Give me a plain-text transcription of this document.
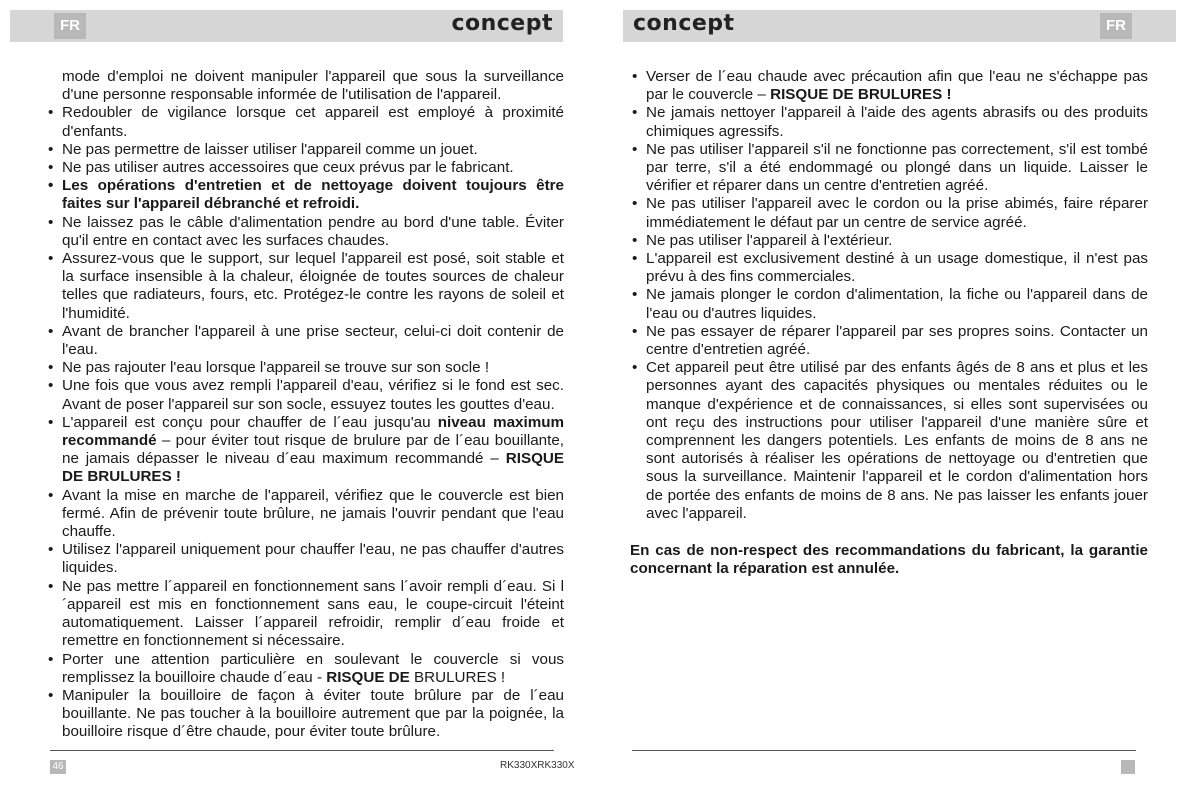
FR	concept	concept	FR
mode d'emploi ne doivent manipuler l'appareil que sous la surveillance d'une personne responsable informée de l'utilisation de l'appareil.
• Redoubler de vigilance lorsque cet appareil est employé à proximité d'enfants.
• Ne pas permettre de laisser utiliser l'appareil comme un jouet.
• Ne pas utiliser autres accessoires que ceux prévus par le fabricant.
• Les opérations d'entretien et de nettoyage doivent toujours être faites sur l'appareil débranché et refroidi.
• Ne laissez pas le câble d'alimentation pendre au bord d'une table. Éviter qu'il entre en contact avec les surfaces chaudes.
• Assurez-vous que le support, sur lequel l'appareil est posé, soit stable et la surface insensible à la chaleur, éloignée de toutes sources de chaleur telles que radiateurs, fours, etc. Protégez-le contre les rayons de soleil et l'humidité.
• Avant de brancher l'appareil à une prise secteur, celui-ci doit contenir de l'eau.
• Ne pas rajouter l'eau lorsque l'appareil se trouve sur son socle !
• Une fois que vous avez rempli l'appareil d'eau, vérifiez si le fond est sec. Avant de poser l'appareil sur son socle, essuyez toutes les gouttes d'eau.
• L'appareil est conçu pour chauffer de l´eau jusqu'au niveau maximum recommandé – pour éviter tout risque de brulure par de l´eau bouillante, ne jamais dépasser le niveau d´eau maximum recommandé – RISQUE DE BRULURES !
• Avant la mise en marche de l'appareil, vérifiez que le couvercle est bien fermé. Afin de prévenir toute brûlure, ne jamais l'ouvrir pendant que l'eau chauffe.
• Utilisez l'appareil uniquement pour chauffer l'eau, ne pas chauffer d'autres liquides.
• Ne pas mettre l´appareil en fonctionnement sans l´avoir rempli d´eau. Si l´appareil est mis en fonctionnement sans eau, le coupe-circuit l'éteint automatiquement. Laisser l´appareil refroidir, remplir d´eau froide et remettre en fonctionnement si nécessaire.
• Porter une attention particulière en soulevant le couvercle si vous remplissez la bouilloire chaude d´eau - RISQUE DE BRULURES !
• Manipuler la bouilloire de façon à éviter toute brûlure par de l´eau bouillante. Ne pas toucher à la bouilloire autrement que par la poignée, la bouilloire risque d´être chaude, pour éviter toute brûlure.
• Verser de l´eau chaude avec précaution afin que l'eau ne s'échappe pas par le couvercle – RISQUE DE BRULURES !
• Ne jamais nettoyer l'appareil à l'aide des agents abrasifs ou des produits chimiques agressifs.
• Ne pas utiliser l'appareil s'il ne fonctionne pas correctement, s'il est tombé par terre, s'il a été endommagé ou plongé dans un liquide. Laisser le vérifier et réparer dans un centre d'entretien agréé.
• Ne pas utiliser l'appareil avec le cordon ou la prise abimés, faire réparer immédiatement le défaut par un centre de service agréé.
• Ne pas utiliser l'appareil à l'extérieur.
• L'appareil est exclusivement destiné à un usage domestique, il n'est pas prévu à des fins commerciales.
• Ne jamais plonger le cordon d'alimentation, la fiche ou l'appareil dans de l'eau ou d'autres liquides.
• Ne pas essayer de réparer l'appareil par ses propres soins. Contacter un centre d'entretien agréé.
• Cet appareil peut être utilisé par des enfants âgés de 8 ans et plus et les personnes ayant des capacités physiques ou mentales réduites ou le manque d'expérience et de connaissances, si elles sont supervisées ou ont reçu des instructions pour utiliser l'appareil d'une manière sûre et comprennent les dangers potentiels. Les enfants de moins de 8 ans ne sont autorisés à réaliser les opérations de nettoyage ou d'entretien que sous la surveillance. Maintenir l'appareil et le cordon d'alimentation hors de portée des enfants de moins de 8 ans. Ne pas laisser les enfants jouer avec l'appareil.
En cas de non-respect des recommandations du fabricant, la garantie concernant la réparation est annulée.
46	RK330XRK330X
